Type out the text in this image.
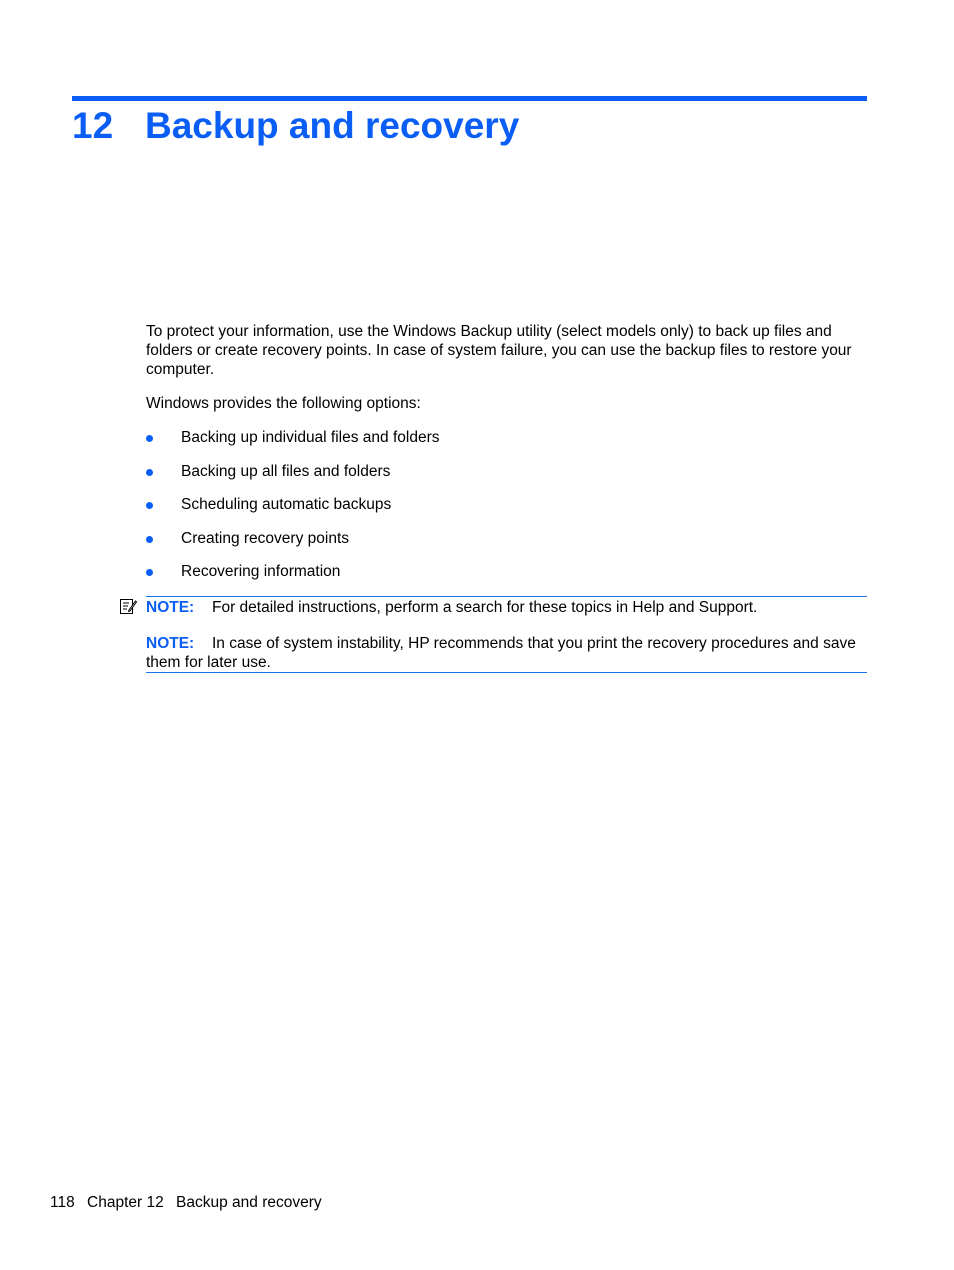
12 Backup and recovery
To protect your information, use the Windows Backup utility (select models only) to back up files and folders or create recovery points. In case of system failure, you can use the backup files to restore your computer.
Windows provides the following options:
Backing up individual files and folders
Backing up all files and folders
Scheduling automatic backups
Creating recovery points
Recovering information
NOTE: For detailed instructions, perform a search for these topics in Help and Support.
NOTE: In case of system instability, HP recommends that you print the recovery procedures and save them for later use.
118 Chapter 12 Backup and recovery
